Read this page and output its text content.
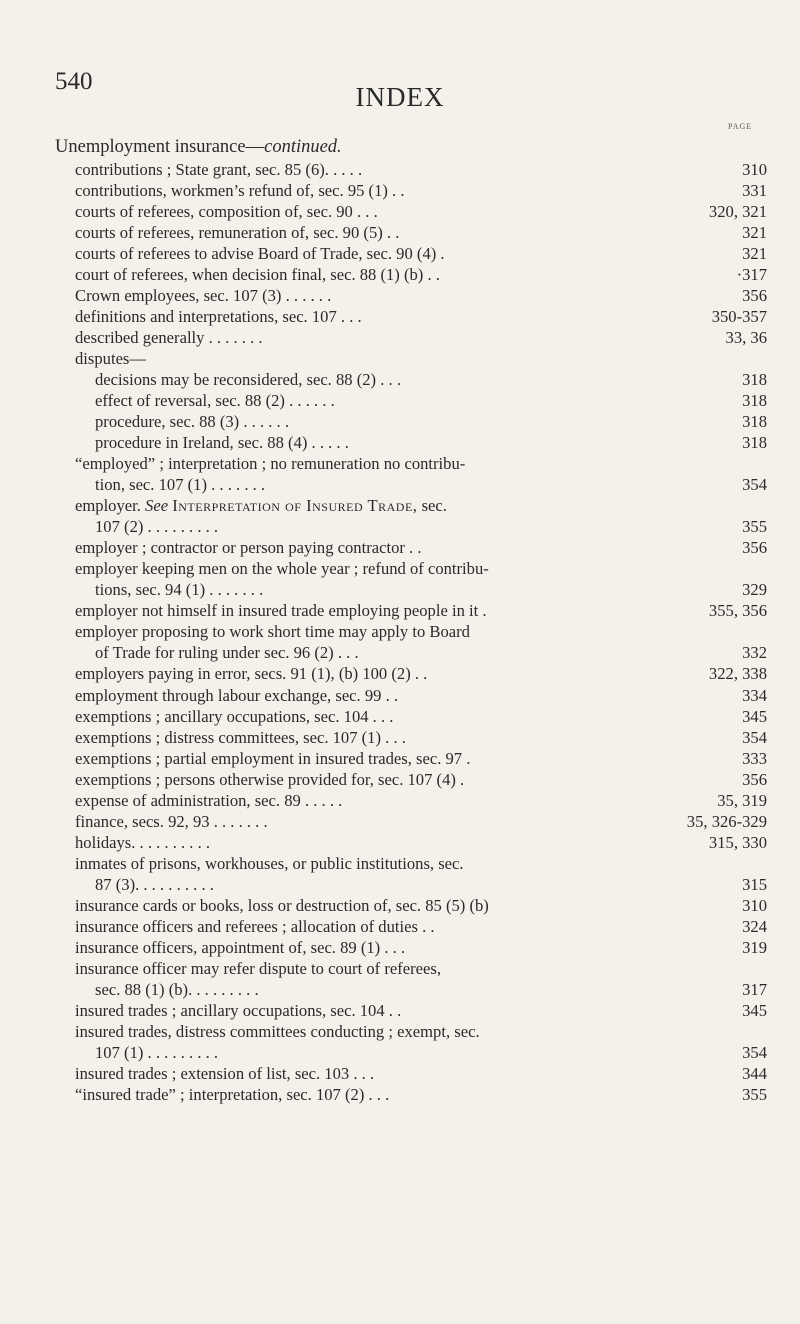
540
INDEX
PAGE
Unemployment insurance—continued.
contributions ; State grant, sec. 85 (6). . . . .	310
contributions, workmen’s refund of, sec. 95 (1) . .	331
courts of referees, composition of, sec. 90 . . .	320, 321
courts of referees, remuneration of, sec. 90 (5) . .	321
courts of referees to advise Board of Trade, sec. 90 (4) .	321
court of referees, when decision final, sec. 88 (1) (b) . .	·317
Crown employees, sec. 107 (3) . . . . . .	356
definitions and interpretations, sec. 107 . . .	350-357
described generally . . . . . . .	33, 36
disputes—
decisions may be reconsidered, sec. 88 (2) . . .	318
effect of reversal, sec. 88 (2) . . . . . .	318
procedure, sec. 88 (3) . . . . . .	318
procedure in Ireland, sec. 88 (4) . . . . .	318
“employed” ; interpretation ; no remuneration no contribu-
tion, sec. 107 (1) . . . . . . .	354
employer. See Interpretation of Insured Trade, sec.
107 (2) . . . . . . . . .	355
employer ; contractor or person paying contractor . .	356
employer keeping men on the whole year ; refund of contribu-
tions, sec. 94 (1) . . . . . . .	329
employer not himself in insured trade employing people in it .	355, 356
employer proposing to work short time may apply to Board
of Trade for ruling under sec. 96 (2) . . .	332
employers paying in error, secs. 91 (1), (b) 100 (2) . .	322, 338
employment through labour exchange, sec. 99 . .	334
exemptions ; ancillary occupations, sec. 104 . . .	345
exemptions ; distress committees, sec. 107 (1) . . .	354
exemptions ; partial employment in insured trades, sec. 97 .	333
exemptions ; persons otherwise provided for, sec. 107 (4) .	356
expense of administration, sec. 89 . . . . .	35, 319
finance, secs. 92, 93 . . . . . . .	35, 326-329
holidays. . . . . . . . . .	315, 330
inmates of prisons, workhouses, or public institutions, sec.
87 (3). . . . . . . . . .	315
insurance cards or books, loss or destruction of, sec. 85 (5) (b)	310
insurance officers and referees ; allocation of duties . .	324
insurance officers, appointment of, sec. 89 (1) . . .	319
insurance officer may refer dispute to court of referees,
sec. 88 (1) (b). . . . . . . . .	317
insured trades ; ancillary occupations, sec. 104 . .	345
insured trades, distress committees conducting ; exempt, sec.
107 (1) . . . . . . . . .	354
insured trades ; extension of list, sec. 103 . . .	344
“insured trade” ; interpretation, sec. 107 (2) . . .	355
